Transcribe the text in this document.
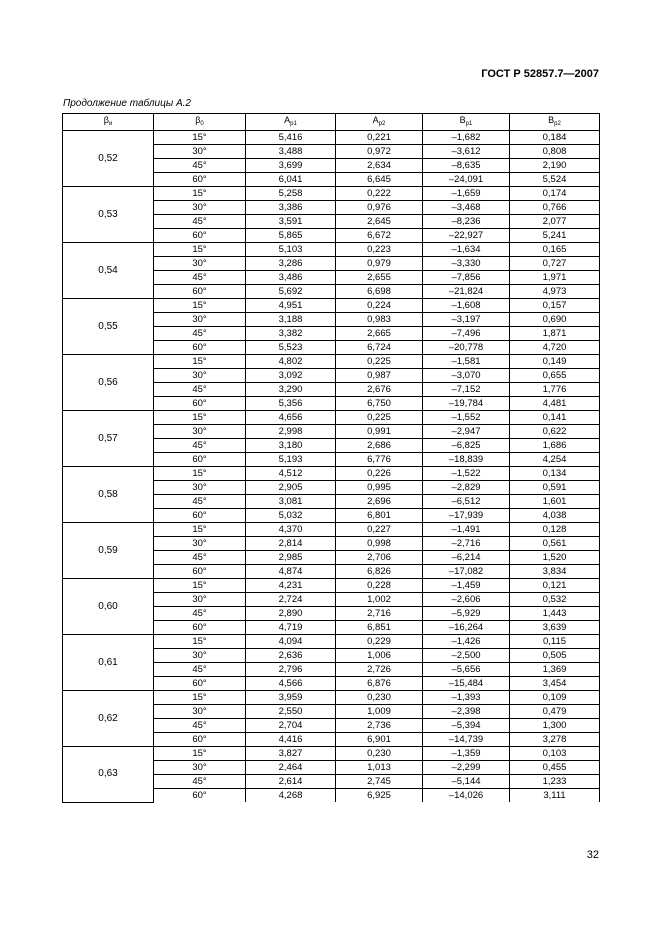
ГОСТ Р 52857.7—2007
Продолжение таблицы А.2
$\beta_и$	$\beta_0$	$A_{р1}$	$A_{р2}$	$B_{р1}$	$B_{р2}$
0,52	15°	5,416	0,221	–1,682	0,184
	30°	3,488	0,972	–3,612	0,808
	45°	3,699	2,634	–8,635	2,190
	60°	6,041	6,645	–24,091	5,524
0,53	15°	5,258	0,222	–1,659	0,174
	30°	3,386	0,976	–3,468	0,766
	45°	3,591	2,645	–8,236	2,077
	60°	5,865	6,672	–22,927	5,241
0,54	15°	5,103	0,223	–1,634	0,165
	30°	3,286	0,979	–3,330	0,727
	45°	3,486	2,655	–7,856	1,971
	60°	5,692	6,698	–21,824	4,973
0,55	15°	4,951	0,224	–1,608	0,157
	30°	3,188	0,983	–3,197	0,690
	45°	3,382	2,665	–7,496	1,871
	60°	5,523	6,724	–20,778	4,720
0,56	15°	4,802	0,225	–1,581	0,149
	30°	3,092	0,987	–3,070	0,655
	45°	3,290	2,676	–7,152	1,776
	60°	5,356	6,750	–19,784	4,481
0,57	15°	4,656	0,225	–1,552	0,141
	30°	2,998	0,991	–2,947	0,622
	45°	3,180	2,686	–6,825	1,686
	60°	5,193	6,776	–18,839	4,254
0,58	15°	4,512	0,226	–1,522	0,134
	30°	2,905	0,995	–2,829	0,591
	45°	3,081	2,696	–6,512	1,601
	60°	5,032	6,801	–17,939	4,038
0,59	15°	4,370	0,227	–1,491	0,128
	30°	2,814	0,998	–2,716	0,561
	45°	2,985	2,706	–6,214	1,520
	60°	4,874	6,826	–17,082	3,834
0,60	15°	4,231	0,228	–1,459	0,121
	30°	2,724	1,002	–2,606	0,532
	45°	2,890	2,716	–5,929	1,443
	60°	4,719	6,851	–16,264	3,639
0,61	15°	4,094	0,229	–1,426	0,115
	30°	2,636	1,006	–2,500	0,505
	45°	2,796	2,726	–5,656	1,369
	60°	4,566	6,876	–15,484	3,454
0,62	15°	3,959	0,230	–1,393	0,109
	30°	2,550	1,009	–2,398	0,479
	45°	2,704	2,736	–5,394	1,300
	60°	4,416	6,901	–14,739	3,278
0,63	15°	3,827	0,230	–1,359	0,103
	30°	2,464	1,013	–2,299	0,455
	45°	2,614	2,745	–5,144	1,233
	60°	4,268	6,925	–14,026	3,111
32
